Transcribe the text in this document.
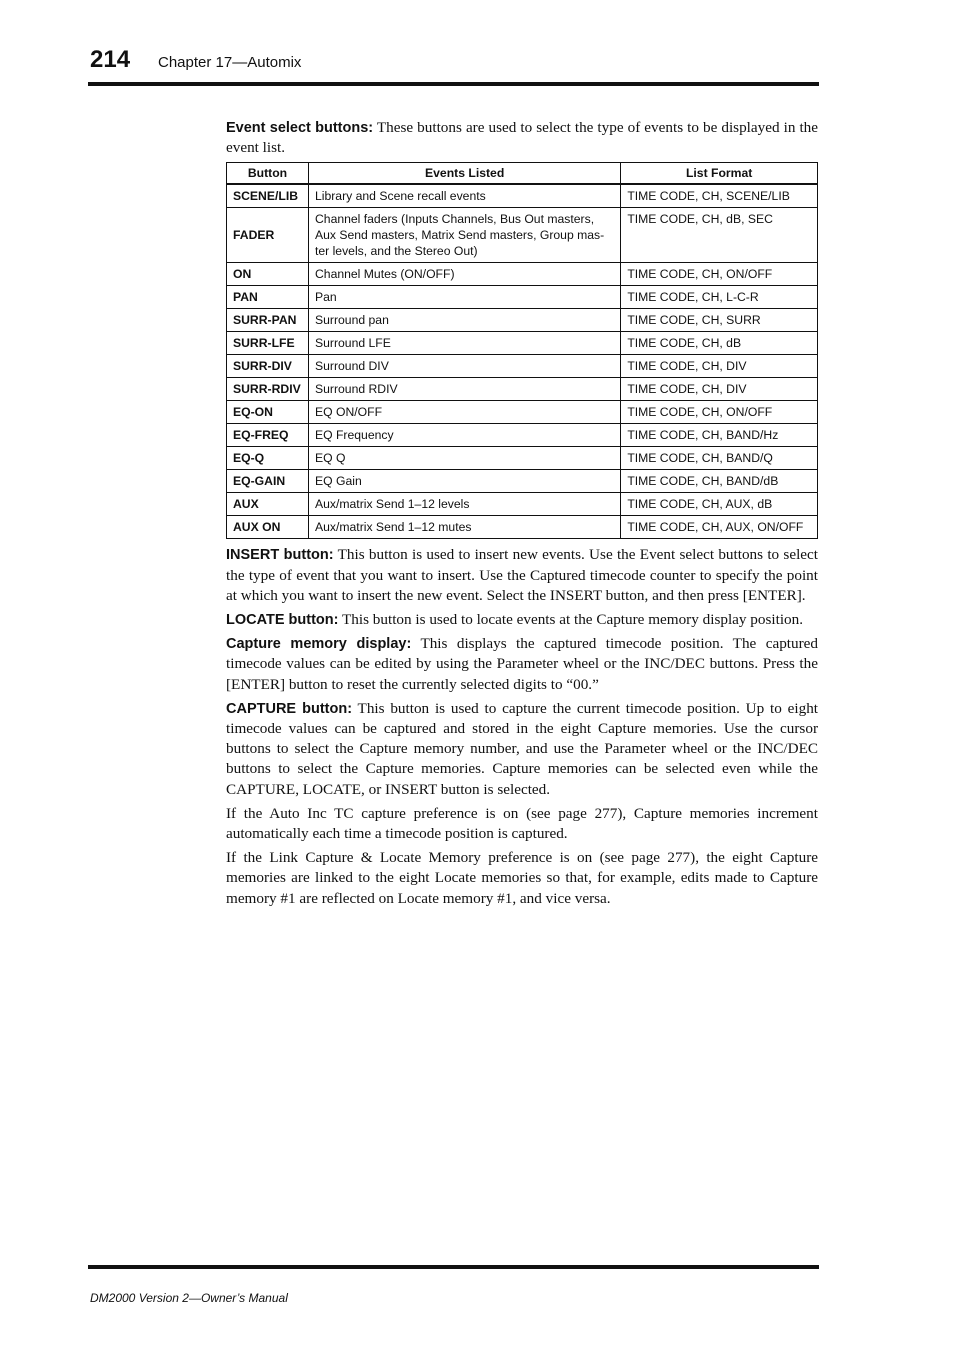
214 Chapter 17—Automix

Event select buttons: These buttons are used to select the type of events to be displayed in the event list.

Button	Events Listed	List Format
SCENE/LIB	Library and Scene recall events	TIME CODE, CH, SCENE/LIB
FADER	Channel faders (Inputs Channels, Bus Out masters, Aux Send masters, Matrix Send masters, Group master levels, and the Stereo Out)	TIME CODE, CH, dB, SEC
ON	Channel Mutes (ON/OFF)	TIME CODE, CH, ON/OFF
PAN	Pan	TIME CODE, CH, L-C-R
SURR-PAN	Surround pan	TIME CODE, CH, SURR
SURR-LFE	Surround LFE	TIME CODE, CH, dB
SURR-DIV	Surround DIV	TIME CODE, CH, DIV
SURR-RDIV	Surround RDIV	TIME CODE, CH, DIV
EQ-ON	EQ ON/OFF	TIME CODE, CH, ON/OFF
EQ-FREQ	EQ Frequency	TIME CODE, CH, BAND/Hz
EQ-Q	EQ Q	TIME CODE, CH, BAND/Q
EQ-GAIN	EQ Gain	TIME CODE, CH, BAND/dB
AUX	Aux/matrix Send 1–12 levels	TIME CODE, CH, AUX, dB
AUX ON	Aux/matrix Send 1–12 mutes	TIME CODE, CH, AUX, ON/OFF

INSERT button: This button is used to insert new events. Use the Event select buttons to select the type of event that you want to insert. Use the Captured timecode counter to specify the point at which you want to insert the new event. Select the INSERT button, and then press [ENTER].

LOCATE button: This button is used to locate events at the Capture memory display position.

Capture memory display: This displays the captured timecode position. The captured timecode values can be edited by using the Parameter wheel or the INC/DEC buttons. Press the [ENTER] button to reset the currently selected digits to “00.”

CAPTURE button: This button is used to capture the current timecode position. Up to eight timecode values can be captured and stored in the eight Capture memories. Use the cursor buttons to select the Capture memory number, and use the Parameter wheel or the INC/DEC buttons to select the Capture memories. Capture memories can be selected even while the CAPTURE, LOCATE, or INSERT button is selected.

If the Auto Inc TC capture preference is on (see page 277), Capture memories increment automatically each time a timecode position is captured.

If the Link Capture & Locate Memory preference is on (see page 277), the eight Capture memories are linked to the eight Locate memories so that, for example, edits made to Capture memory #1 are reflected on Locate memory #1, and vice versa.

DM2000 Version 2—Owner’s Manual
